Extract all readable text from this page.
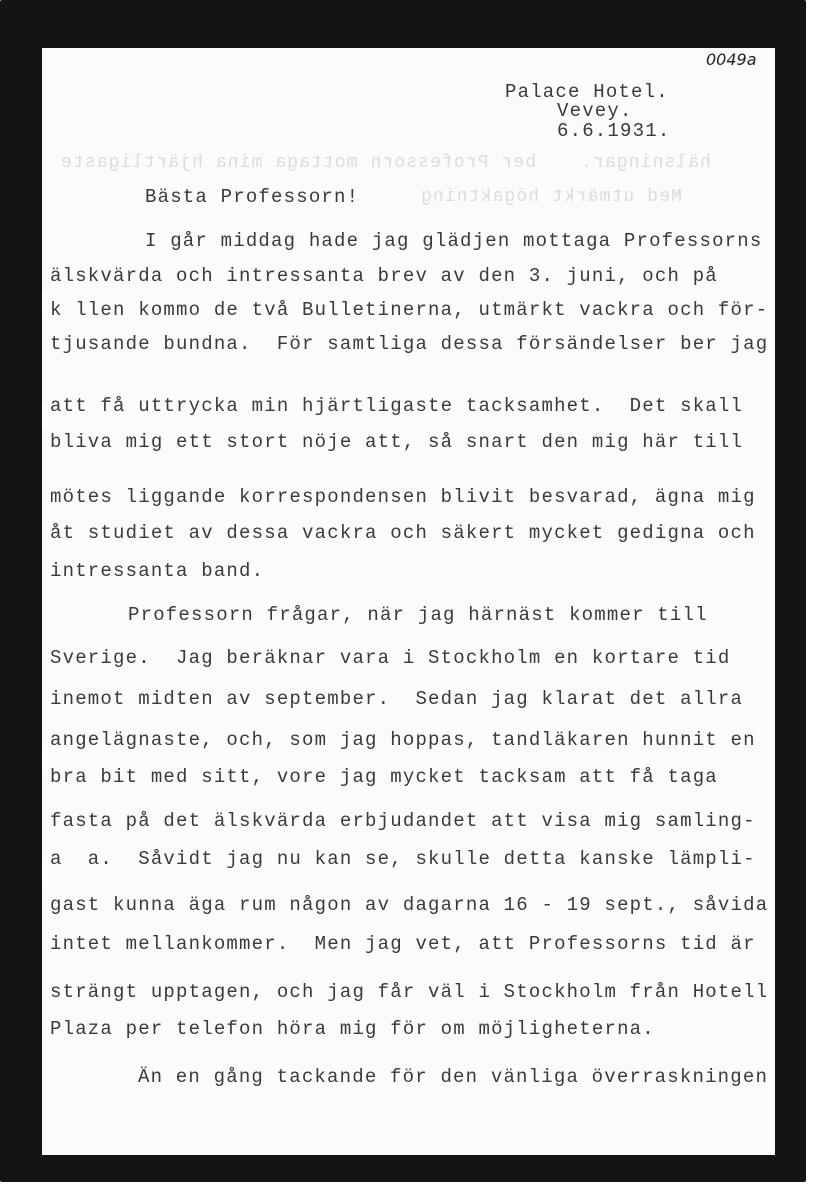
ber Professorn mottaga mina hjärtligaste hälsningar.
Med utmärkt högaktning
0049a
Palace Hotel.
Vevey.
6.6.1931.
Bästa Professorn!
I går middag hade jag glädjen mottaga Professorns
älskvärda och intressanta brev av den 3. juni, och på
k llen kommo de två Bulletinerna, utmärkt vackra och för-
tjusande bundna.  För samtliga dessa försändelser ber jag
att få uttrycka min hjärtligaste tacksamhet.  Det skall
bliva mig ett stort nöje att, så snart den mig här till
mötes liggande korrespondensen blivit besvarad, ägna mig
åt studiet av dessa vackra och säkert mycket gedigna och
intressanta band.
Professorn frågar, när jag härnäst kommer till
Sverige.  Jag beräknar vara i Stockholm en kortare tid
inemot midten av september.  Sedan jag klarat det allra
angelägnaste, och, som jag hoppas, tandläkaren hunnit en
bra bit med sitt, vore jag mycket tacksam att få taga
fasta på det älskvärda erbjudandet att visa mig samling-
a  a.  Såvidt jag nu kan se, skulle detta kanske lämpli-
gast kunna äga rum någon av dagarna 16 - 19 sept., såvida
intet mellankommer.  Men jag vet, att Professorns tid är
strängt upptagen, och jag får väl i Stockholm från Hotell
Plaza per telefon höra mig för om möjligheterna.
Än en gång tackande för den vänliga överraskningen
